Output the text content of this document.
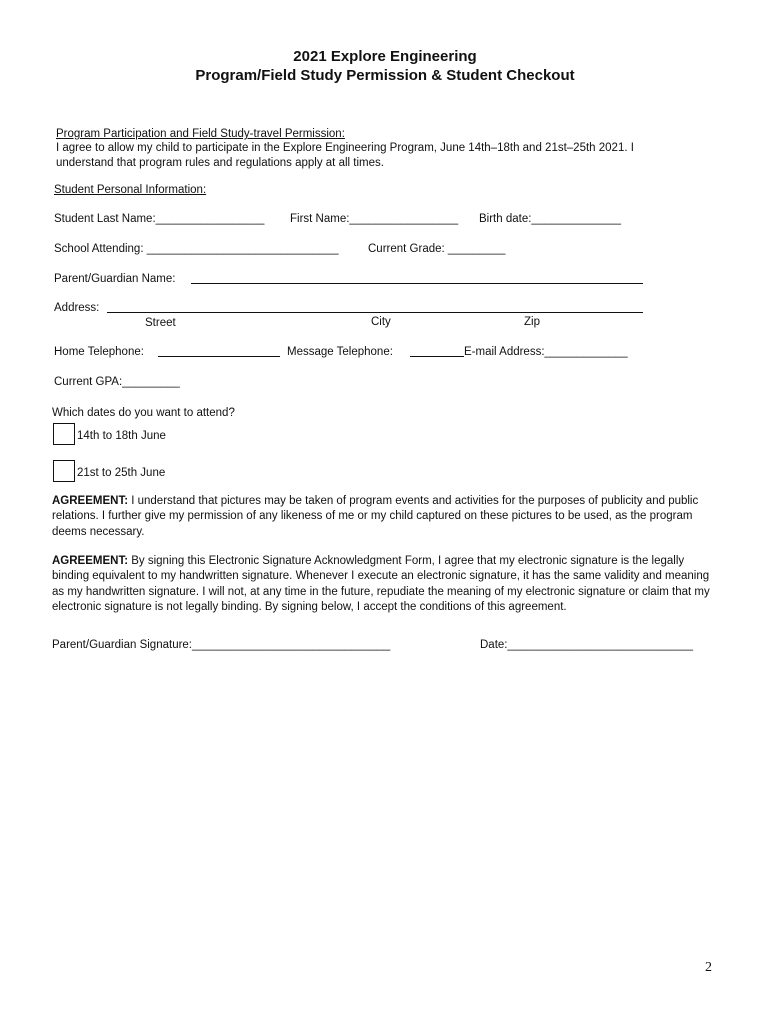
2021 Explore Engineering
Program/Field Study Permission & Student Checkout
Program Participation and Field Study-travel Permission:
I agree to allow my child to participate in the Explore Engineering Program, June 14th–18th and 21st–25th 2021. I
understand that program rules and regulations apply at all times.
Student Personal Information:
Student Last Name:_________________ First Name:_________________ Birth date:______________
School Attending: ______________________________	Current Grade: _________
Parent/Guardian Name:
Address:
Street	City	Zip
Home Telephone:	Message Telephone:	E-mail Address:_____________
Current GPA:_________
Which dates do you want to attend?
14th to 18th June
21st to 25th June
AGREEMENT: I understand that pictures may be taken of program events and activities for the purposes of publicity and public relations. I further give my permission of any likeness of me or my child captured on these pictures to be used, as the program deems necessary.
AGREEMENT: By signing this Electronic Signature Acknowledgment Form, I agree that my electronic signature is the legally binding equivalent to my handwritten signature. Whenever I execute an electronic signature, it has the same validity and meaning as my handwritten signature. I will not, at any time in the future, repudiate the meaning of my electronic signature or claim that my electronic signature is not legally binding. By signing below, I accept the conditions of this agreement.
Parent/Guardian Signature:_______________________________	Date:_____________________________
2
